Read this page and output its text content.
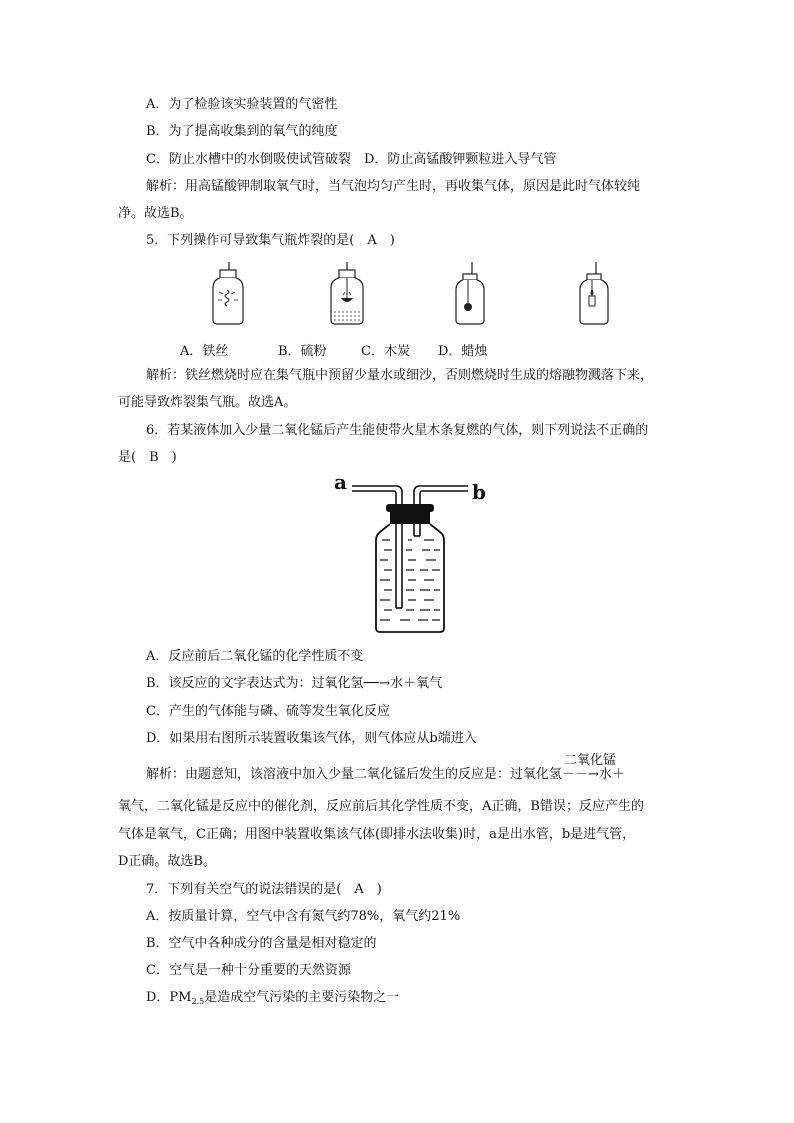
A．为了检验该实验装置的气密性
B．为了提高收集到的氧气的纯度
C．防止水槽中的水倒吸使试管破裂　D．防止高锰酸钾颗粒进入导气管
解析：用高锰酸钾制取氧气时，当气泡均匀产生时，再收集气体，原因是此时气体较纯
净。故选B。
5．下列操作可导致集气瓶炸裂的是(　A　)
A．铁丝	B．硫粉	C．木炭 D．蜡烛
解析：铁丝燃烧时应在集气瓶中预留少量水或细沙，否则燃烧时生成的熔融物溅落下来，
可能导致炸裂集气瓶。故选A。
6．若某液体加入少量二氧化锰后产生能使带火星木条复燃的气体，则下列说法不正确的
是(　B　)
a	b
A．反应前后二氧化锰的化学性质不变
B．该反应的文字表达式为：过氧化氢──→水＋氧气
C．产生的气体能与磷、硫等发生氧化反应
D．如果用右图所示装置收集该气体，则气体应从b端进入
解析：由题意知，该溶液中加入少量二氧化锰后发生的反应是：过氧化氢
二氧化锰
－－→水＋
氧气，二氧化锰是反应中的催化剂，反应前后其化学性质不变，A正确，B错误；反应产生的
气体是氧气，C正确；用图中装置收集该气体(即排水法收集)时，a是出水管，b是进气管，
D正确。故选B。
7．下列有关空气的说法错误的是(　A　)
A．按质量计算，空气中含有氮气约78%，氧气约21%
B．空气中各种成分的含量是相对稳定的
C．空气是一种十分重要的天然资源
D．$PM_{2.5}$是造成空气污染的主要污染物之一
